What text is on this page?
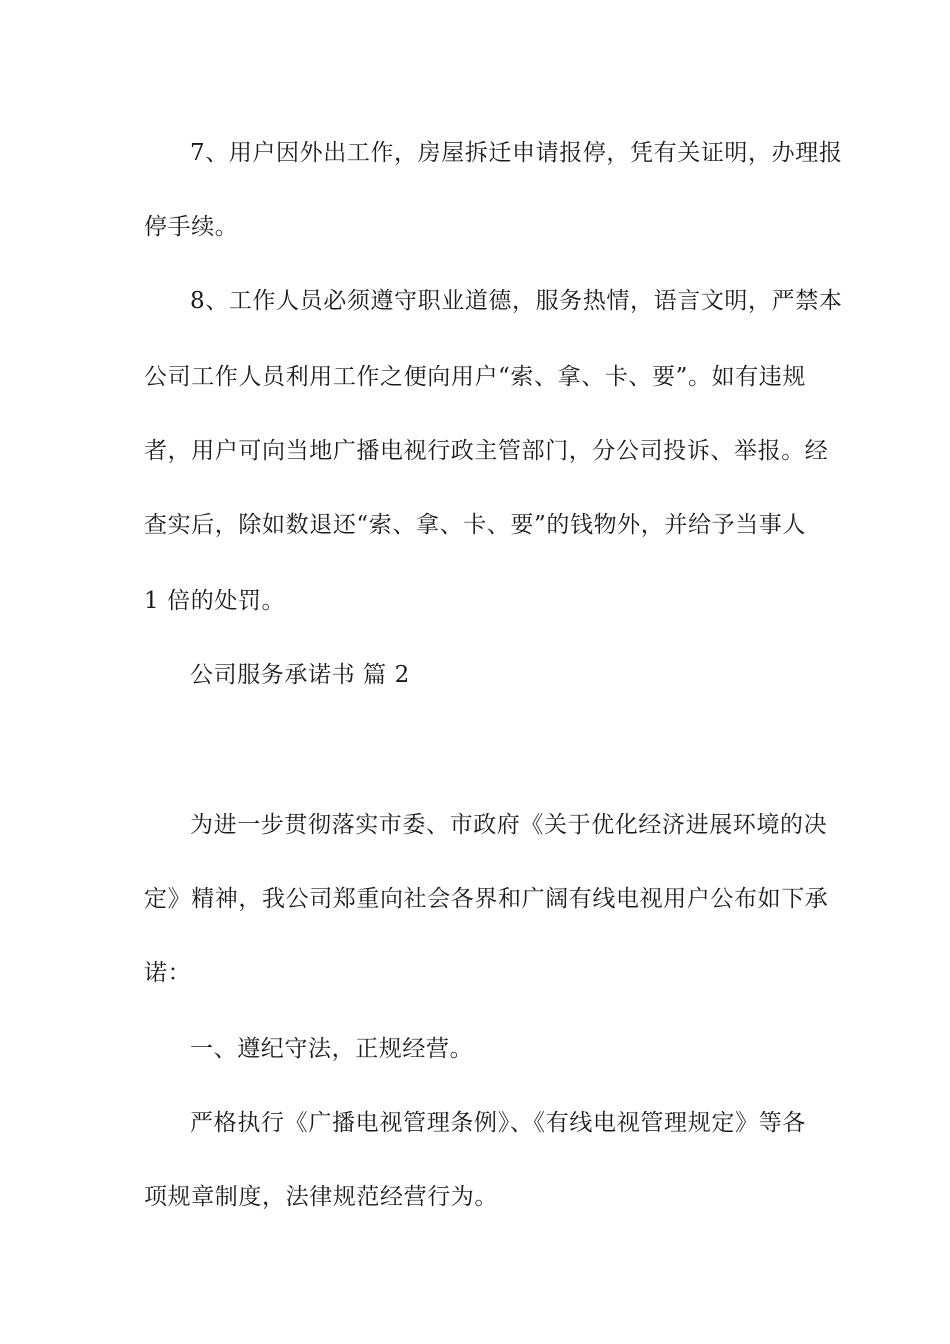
7、用户因外出工作，房屋拆迁申请报停，凭有关证明，办理报
停手续。
8、工作人员必须遵守职业道德，服务热情，语言文明，严禁本
公司工作人员利用工作之便向用户“索、拿、卡、要”。如有违规
者，用户可向当地广播电视行政主管部门，分公司投诉、举报。经
查实后，除如数退还“索、拿、卡、要”的钱物外，并给予当事人
1 倍的处罚。
公司服务承诺书 篇 2
为进一步贯彻落实市委、市政府《关于优化经济进展环境的决
定》精神，我公司郑重向社会各界和广阔有线电视用户公布如下承
诺：
一、遵纪守法，正规经营。
严格执行《广播电视管理条例》、《有线电视管理规定》等各
项规章制度，法律规范经营行为。
